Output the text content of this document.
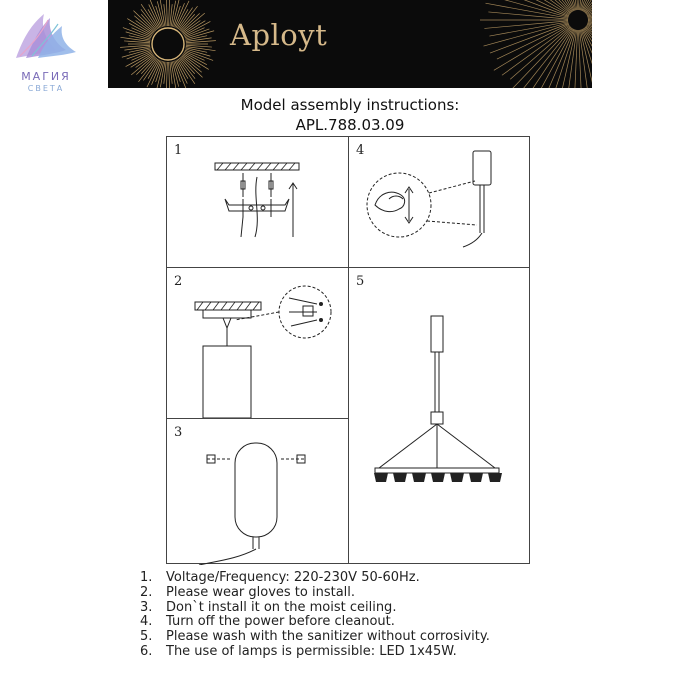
МАГИЯ
СВЕТА
Aployt
Model assembly instructions:
APL.788.03.09
1	4
2	5
3
1. Voltage/Frequency: 220-230V 50-60Hz.
2. Please wear gloves to install.
3. Don`t install it on the moist ceiling.
4. Turn off the power before cleanout.
5. Please wash with the sanitizer without corrosivity.
6. The use of lamps is permissible: LED 1x45W.
